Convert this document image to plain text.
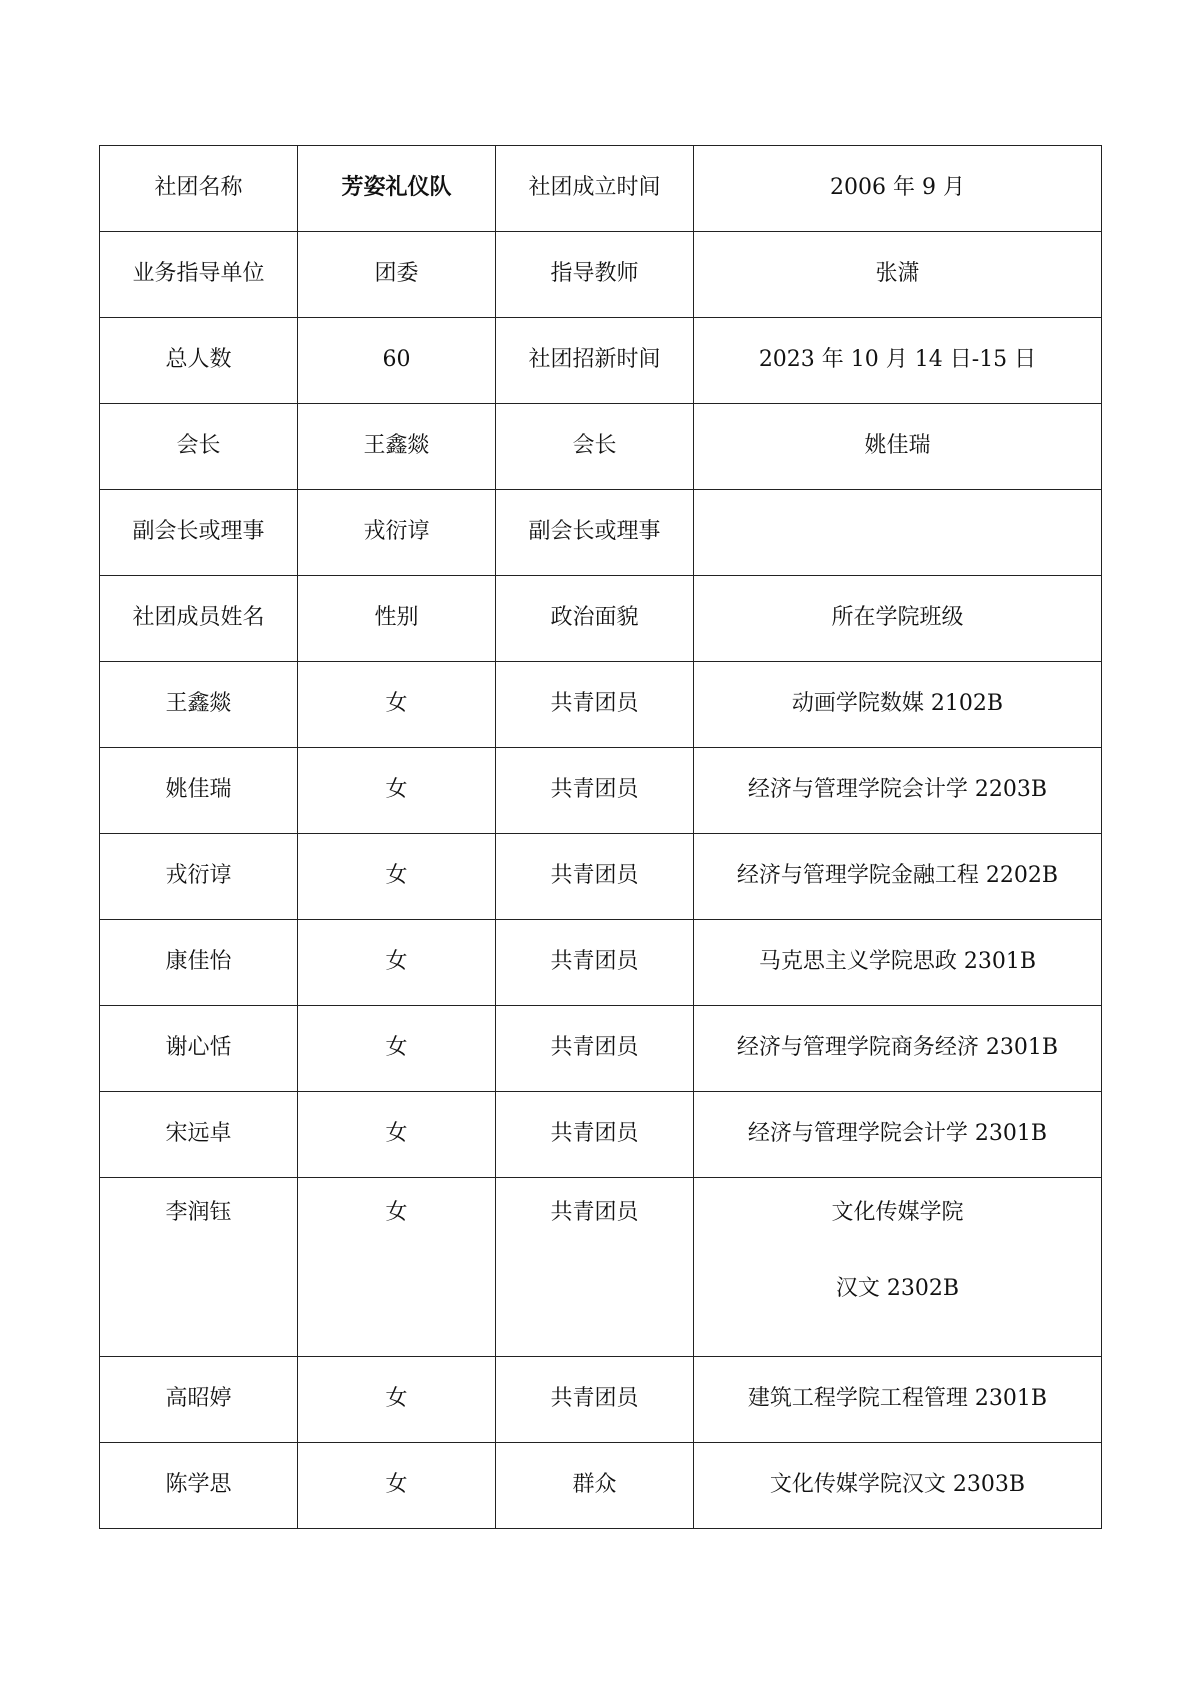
社团名称	芳姿礼仪队	社团成立时间	2006 年 9 月
业务指导单位	团委	指导教师	张潇
总人数	60	社团招新时间	2023 年 10 月 14 日-15 日
会长	王鑫燚	会长	姚佳瑞
副会长或理事	戎衍谆	副会长或理事	
社团成员姓名	性别	政治面貌	所在学院班级
王鑫燚	女	共青团员	动画学院数媒 2102B
姚佳瑞	女	共青团员	经济与管理学院会计学 2203B
戎衍谆	女	共青团员	经济与管理学院金融工程 2202B
康佳怡	女	共青团员	马克思主义学院思政 2301B
谢心恬	女	共青团员	经济与管理学院商务经济 2301B
宋远卓	女	共青团员	经济与管理学院会计学 2301B
李润钰	女	共青团员	文化传媒学院
汉文 2302B

高昭婷	女	共青团员	建筑工程学院工程管理 2301B
陈学思	女	群众	文化传媒学院汉文 2303B
